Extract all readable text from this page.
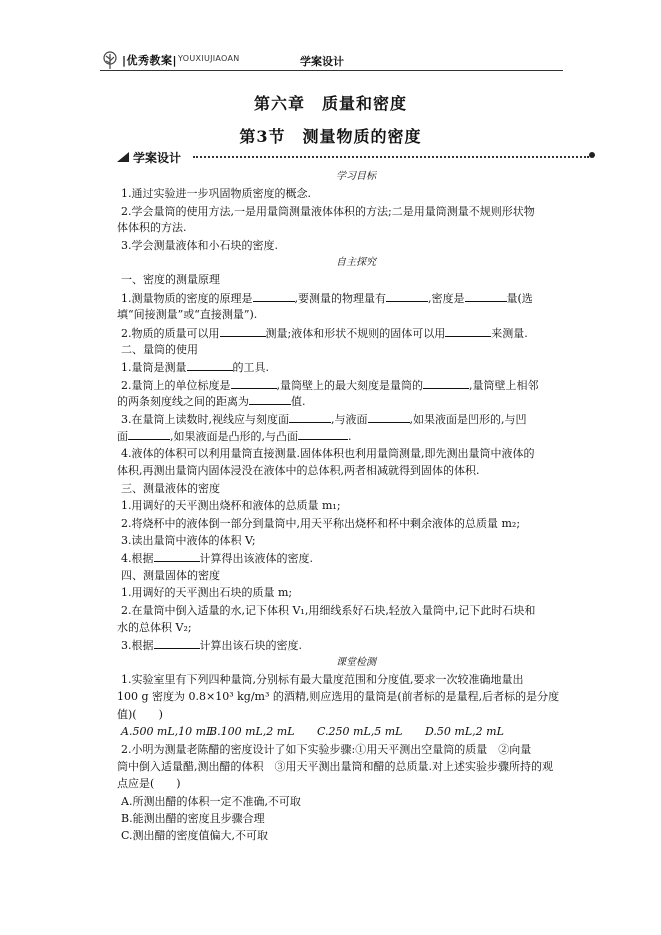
|优秀教案| YOUXIUJIAOAN	学案设计
第六章　质量和密度
第3节　测量物质的密度
学案设计
学习目标
1.通过实验进一步巩固物质密度的概念.
2.学会量筒的使用方法,一是用量筒测量液体体积的方法;二是用量筒测量不规则形状物
体体积的方法.
3.学会测量液体和小石块的密度.
自主探究
一、密度的测量原理
1.测量物质的密度的原理是	,要测量的物理量有	,密度是	量(选
填“间接测量”或“直接测量”).
2.物质的质量可以用	测量;液体和形状不规则的固体可以用	来测量.
二、量筒的使用
1.量筒是测量	的工具.
2.量筒上的单位标度是	,量筒壁上的最大刻度是量筒的	,量筒壁上相邻
的两条刻度线之间的距离为	值.
3.在量筒上读数时,视线应与刻度面	,与液面	,如果液面是凹形的,与凹
面	,如果液面是凸形的,与凸面	.
4.液体的体积可以利用量筒直接测量.固体体积也利用量筒测量,即先测出量筒中液体的
体积,再测出量筒内固体浸没在液体中的总体积,两者相减就得到固体的体积.
三、测量液体的密度
1.用调好的天平测出烧杯和液体的总质量 m₁;
2.将烧杯中的液体倒一部分到量筒中,用天平称出烧杯和杯中剩余液体的总质量 m₂;
3.读出量筒中液体的体积 V;
4.根据	计算得出该液体的密度.
四、测量固体的密度
1.用调好的天平测出石块的质量 m;
2.在量筒中倒入适量的水,记下体积 V₁,用细线系好石块,轻放入量筒中,记下此时石块和
水的总体积 V₂;
3.根据	计算出该石块的密度.
课堂检测
1.实验室里有下列四种量筒,分别标有最大量度范围和分度值,要求一次较准确地量出
100 g 密度为 0.8×10³ kg/m³ 的酒精,则应选用的量筒是(前者标的是量程,后者标的是分度
值)(　　)
A.500 mL,10 mLB.100 mL,2 mL C.250 mL,5 mL D.50 mL,2 mL
2.小明为测量老陈醋的密度设计了如下实验步骤:①用天平测出空量筒的质量　②向量
筒中倒入适量醋,测出醋的体积　③用天平测出量筒和醋的总质量.对上述实验步骤所持的观
点应是(　　)
A.所测出醋的体积一定不准确,不可取
B.能测出醋的密度且步骤合理
C.测出醋的密度值偏大,不可取
